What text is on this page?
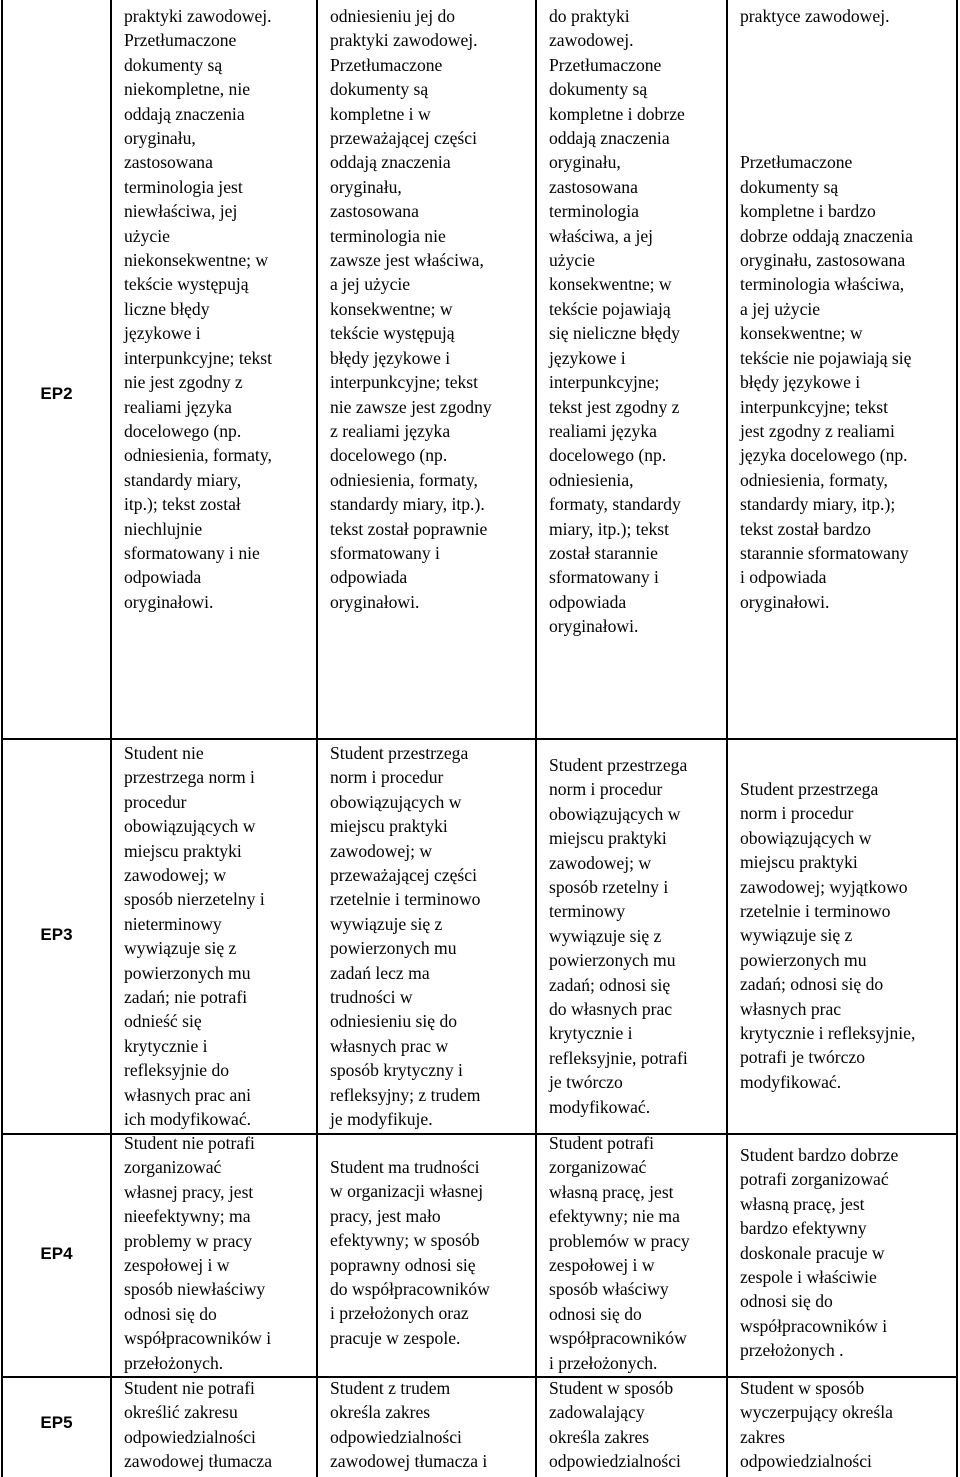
EP2
praktyki zawodowej.
Przetłumaczone
dokumenty są
niekompletne, nie
oddają znaczenia
oryginału,
zastosowana
terminologia jest
niewłaściwa, jej
użycie
niekonsekwentne; w
tekście występują
liczne błędy
językowe i
interpunkcyjne; tekst
nie jest zgodny z
realiami języka
docelowego (np.
odniesienia, formaty,
standardy miary,
itp.); tekst został
niechlujnie
sformatowany i nie
odpowiada
oryginałowi.
odniesieniu jej do
praktyki zawodowej.
Przetłumaczone
dokumenty są
kompletne i w
przeważającej części
oddają znaczenia
oryginału,
zastosowana
terminologia nie
zawsze jest właściwa,
a jej użycie
konsekwentne; w
tekście występują
błędy językowe i
interpunkcyjne; tekst
nie zawsze jest zgodny
z realiami języka
docelowego (np.
odniesienia, formaty,
standardy miary, itp.).
tekst został poprawnie
sformatowany i
odpowiada
oryginałowi.
do praktyki
zawodowej.
Przetłumaczone
dokumenty są
kompletne i dobrze
oddają znaczenia
oryginału,
zastosowana
terminologia
właściwa, a jej
użycie
konsekwentne; w
tekście pojawiają
się nieliczne błędy
językowe i
interpunkcyjne;
tekst jest zgodny z
realiami języka
docelowego (np.
odniesienia,
formaty, standardy
miary, itp.); tekst
został starannie
sformatowany i
odpowiada
oryginałowi.
praktyce zawodowej.

Przetłumaczone
dokumenty są
kompletne i bardzo
dobrze oddają znaczenia
oryginału, zastosowana
terminologia właściwa,
a jej użycie
konsekwentne; w
tekście nie pojawiają się
błędy językowe i
interpunkcyjne; tekst
jest zgodny z realiami
języka docelowego (np.
odniesienia, formaty,
standardy miary, itp.);
tekst został bardzo
starannie sformatowany
i odpowiada
oryginałowi.
EP3
Student nie
przestrzega norm i
procedur
obowiązujących w
miejscu praktyki
zawodowej; w
sposób nierzetelny i
nieterminowy
wywiązuje się z
powierzonych mu
zadań; nie potrafi
odnieść się
krytycznie i
refleksyjnie do
własnych prac ani
ich modyfikować.
Student przestrzega
norm i procedur
obowiązujących w
miejscu praktyki
zawodowej; w
przeważającej części
rzetelnie i terminowo
wywiązuje się z
powierzonych mu
zadań lecz ma
trudności w
odniesieniu się do
własnych prac w
sposób krytyczny i
refleksyjny; z trudem
je modyfikuje.
Student przestrzega
norm i procedur
obowiązujących w
miejscu praktyki
zawodowej; w
sposób rzetelny i
terminowy
wywiązuje się z
powierzonych mu
zadań; odnosi się
do własnych prac
krytycznie i
refleksyjnie, potrafi
je twórczo
modyfikować.
Student przestrzega
norm i procedur
obowiązujących w
miejscu praktyki
zawodowej; wyjątkowo
rzetelnie i terminowo
wywiązuje się z
powierzonych mu
zadań; odnosi się do
własnych prac
krytycznie i refleksyjnie,
potrafi je twórczo
modyfikować.
EP4
Student nie potrafi
zorganizować
własnej pracy, jest
nieefektywny; ma
problemy w pracy
zespołowej i w
sposób niewłaściwy
odnosi się do
współpracowników i
przełożonych.
Student ma trudności
w organizacji własnej
pracy, jest mało
efektywny; w sposób
poprawny odnosi się
do współpracowników
i przełożonych oraz
pracuje w zespole.
Student potrafi
zorganizować
własną pracę, jest
efektywny; nie ma
problemów w pracy
zespołowej i w
sposób właściwy
odnosi się do
współpracowników
i przełożonych.
Student bardzo dobrze
potrafi zorganizować
własną pracę, jest
bardzo efektywny
doskonale pracuje w
zespole i właściwie
odnosi się do
współpracowników i
przełożonych .
EP5
Student nie potrafi
określić zakresu
odpowiedzialności
zawodowej tłumacza
Student z trudem
określa zakres
odpowiedzialności
zawodowej tłumacza i
Student w sposób
zadowalający
określa zakres
odpowiedzialności
Student w sposób
wyczerpujący określa
zakres
odpowiedzialności
